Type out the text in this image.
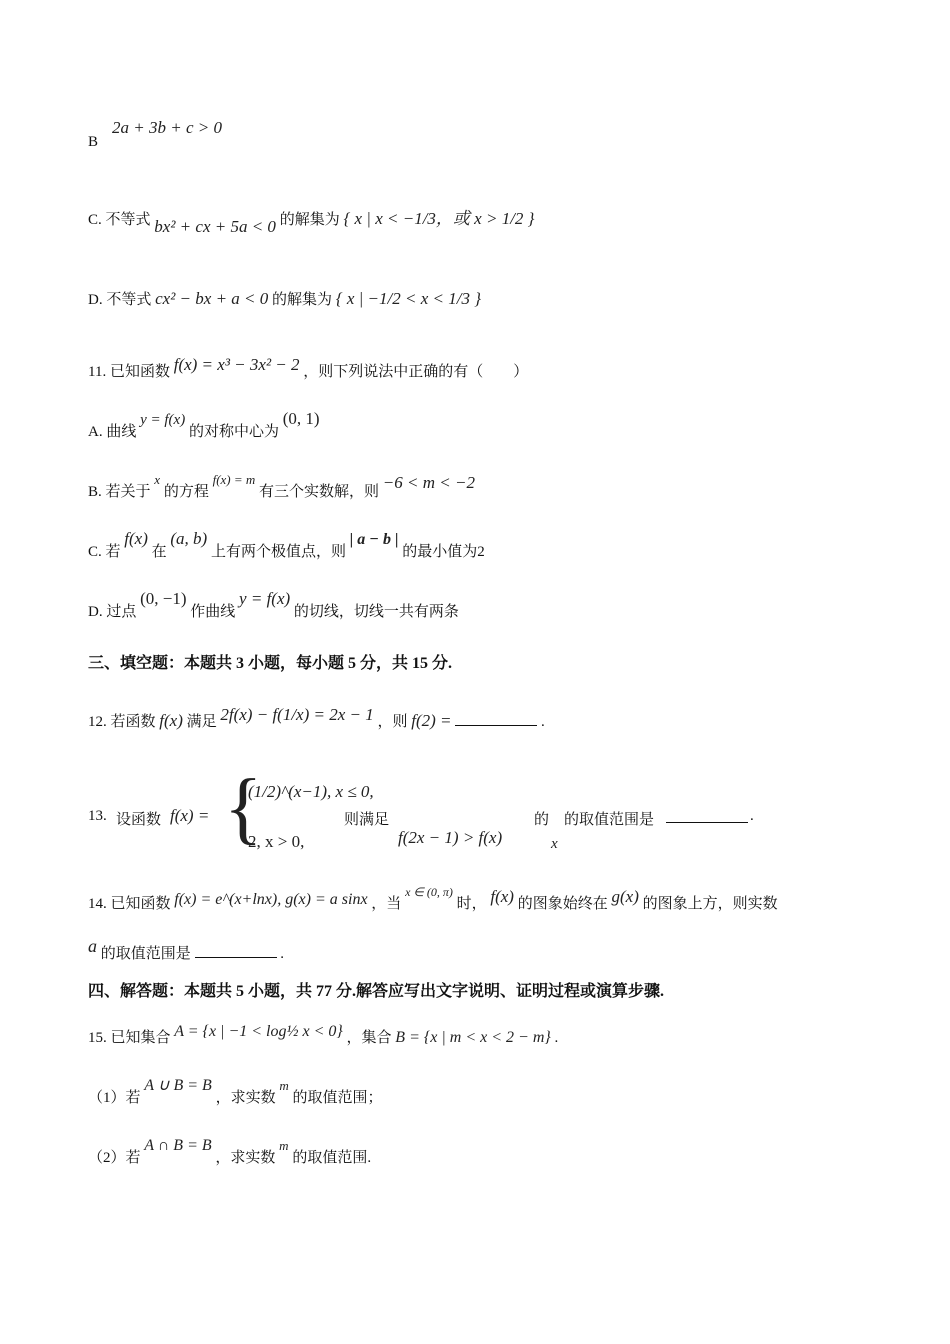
2a + 3b + c > 0
B
C. 不等式 bx² + cx + 5a < 0 的解集为 { x | x < −1/3，或 x > 1/2 }
D. 不等式 cx² − bx + a < 0 的解集为 { x | −1/2 < x < 1/3 }
11. 已知函数 f(x) = x³ − 3x² − 2 ，则下列说法中正确的有（　　）
A. 曲线 y = f(x) 的对称中心为 (0, 1)
B. 若关于 x 的方程 f(x) = m 有三个实数解，则 −6 < m < −2
C. 若 f(x) 在 (a, b) 上有两个极值点，则 | a − b | 的最小值为2
D. 过点 (0, −1) 作曲线 y = f(x) 的切线，切线一共有两条
三、填空题：本题共 3 小题，每小题 5 分，共 15 分.
12. 若函数 f(x) 满足 2f(x) − f(1/x) = 2x − 1 ，则 f(2) =	.
13. 设函数 f(x) = {
(1/2)^(x−1), x ≤ 0,
2, x > 0,
则满足
f(2x − 1) > f(x)
的
x
的取值范围是	.
14. 已知函数 f(x) = e^(x+lnx), g(x) = a sinx ，当 $^{x \in (0, \pi)}$ 时， f(x) 的图象始终在 g(x) 的图象上方，则实数
a 的取值范围是	.
四、解答题：本题共 5 小题，共 77 分.解答应写出文字说明、证明过程或演算步骤.
15. 已知集合 A = {x | −1 < log½ x < 0} ，集合 B = {x | m < x < 2 − m} .
（1）若 A ∪ B = B ，求实数 m 的取值范围；
（2）若 A ∩ B = B ，求实数 m 的取值范围.
